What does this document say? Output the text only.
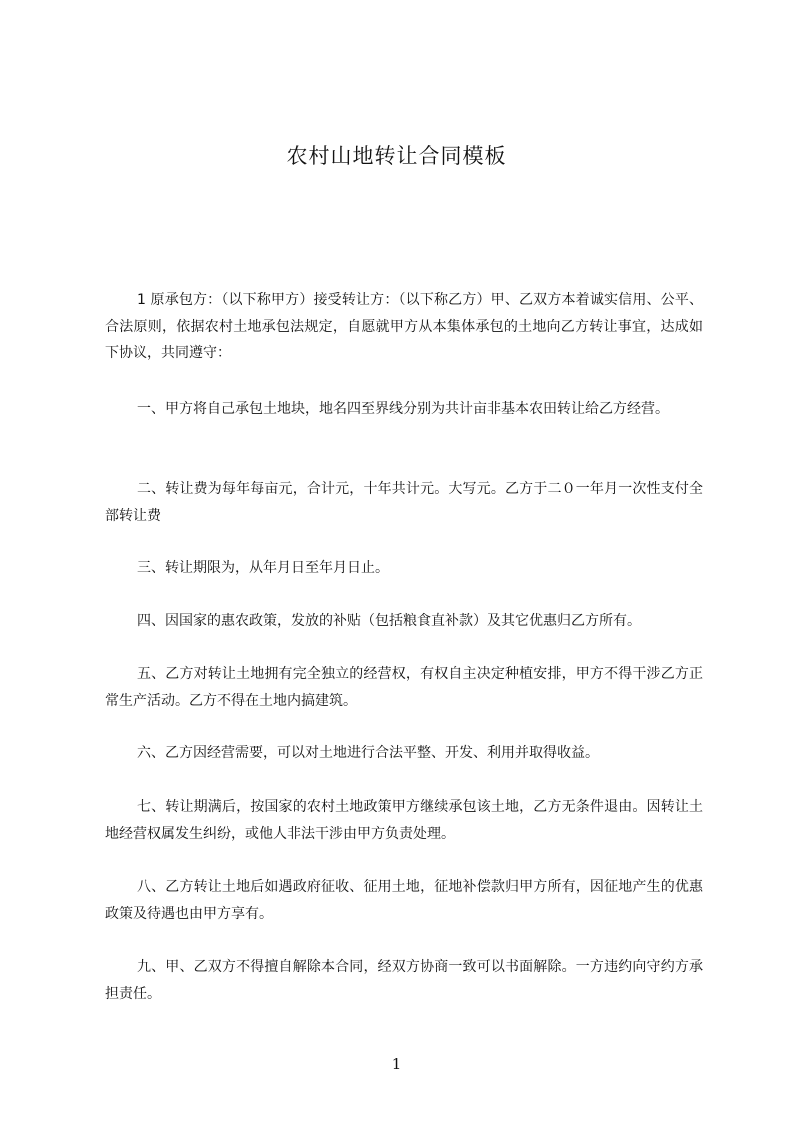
农村山地转让合同模板

1 原承包方：（以下称甲方）接受转让方：（以下称乙方）甲、乙双方本着诚实信用、公平、合法原则，依据农村土地承包法规定，自愿就甲方从本集体承包的土地向乙方转让事宜，达成如下协议，共同遵守：

一、甲方将自己承包土地块，地名四至界线分别为共计亩非基本农田转让给乙方经营。

二、转让费为每年每亩元，合计元，十年共计元。大写元。乙方于二０一年月一次性支付全部转让费

三、转让期限为，从年月日至年月日止。

四、因国家的惠农政策，发放的补贴（包括粮食直补款）及其它优惠归乙方所有。

五、乙方对转让土地拥有完全独立的经营权，有权自主决定种植安排，甲方不得干涉乙方正常生产活动。乙方不得在土地内搞建筑。

六、乙方因经营需要，可以对土地进行合法平整、开发、利用并取得收益。

七、转让期满后，按国家的农村土地政策甲方继续承包该土地，乙方无条件退由。因转让土地经营权属发生纠纷，或他人非法干涉由甲方负责处理。

八、乙方转让土地后如遇政府征收、征用土地，征地补偿款归甲方所有，因征地产生的优惠政策及待遇也由甲方享有。

九、甲、乙双方不得擅自解除本合同，经双方协商一致可以书面解除。一方违约向守约方承担责任。

1
